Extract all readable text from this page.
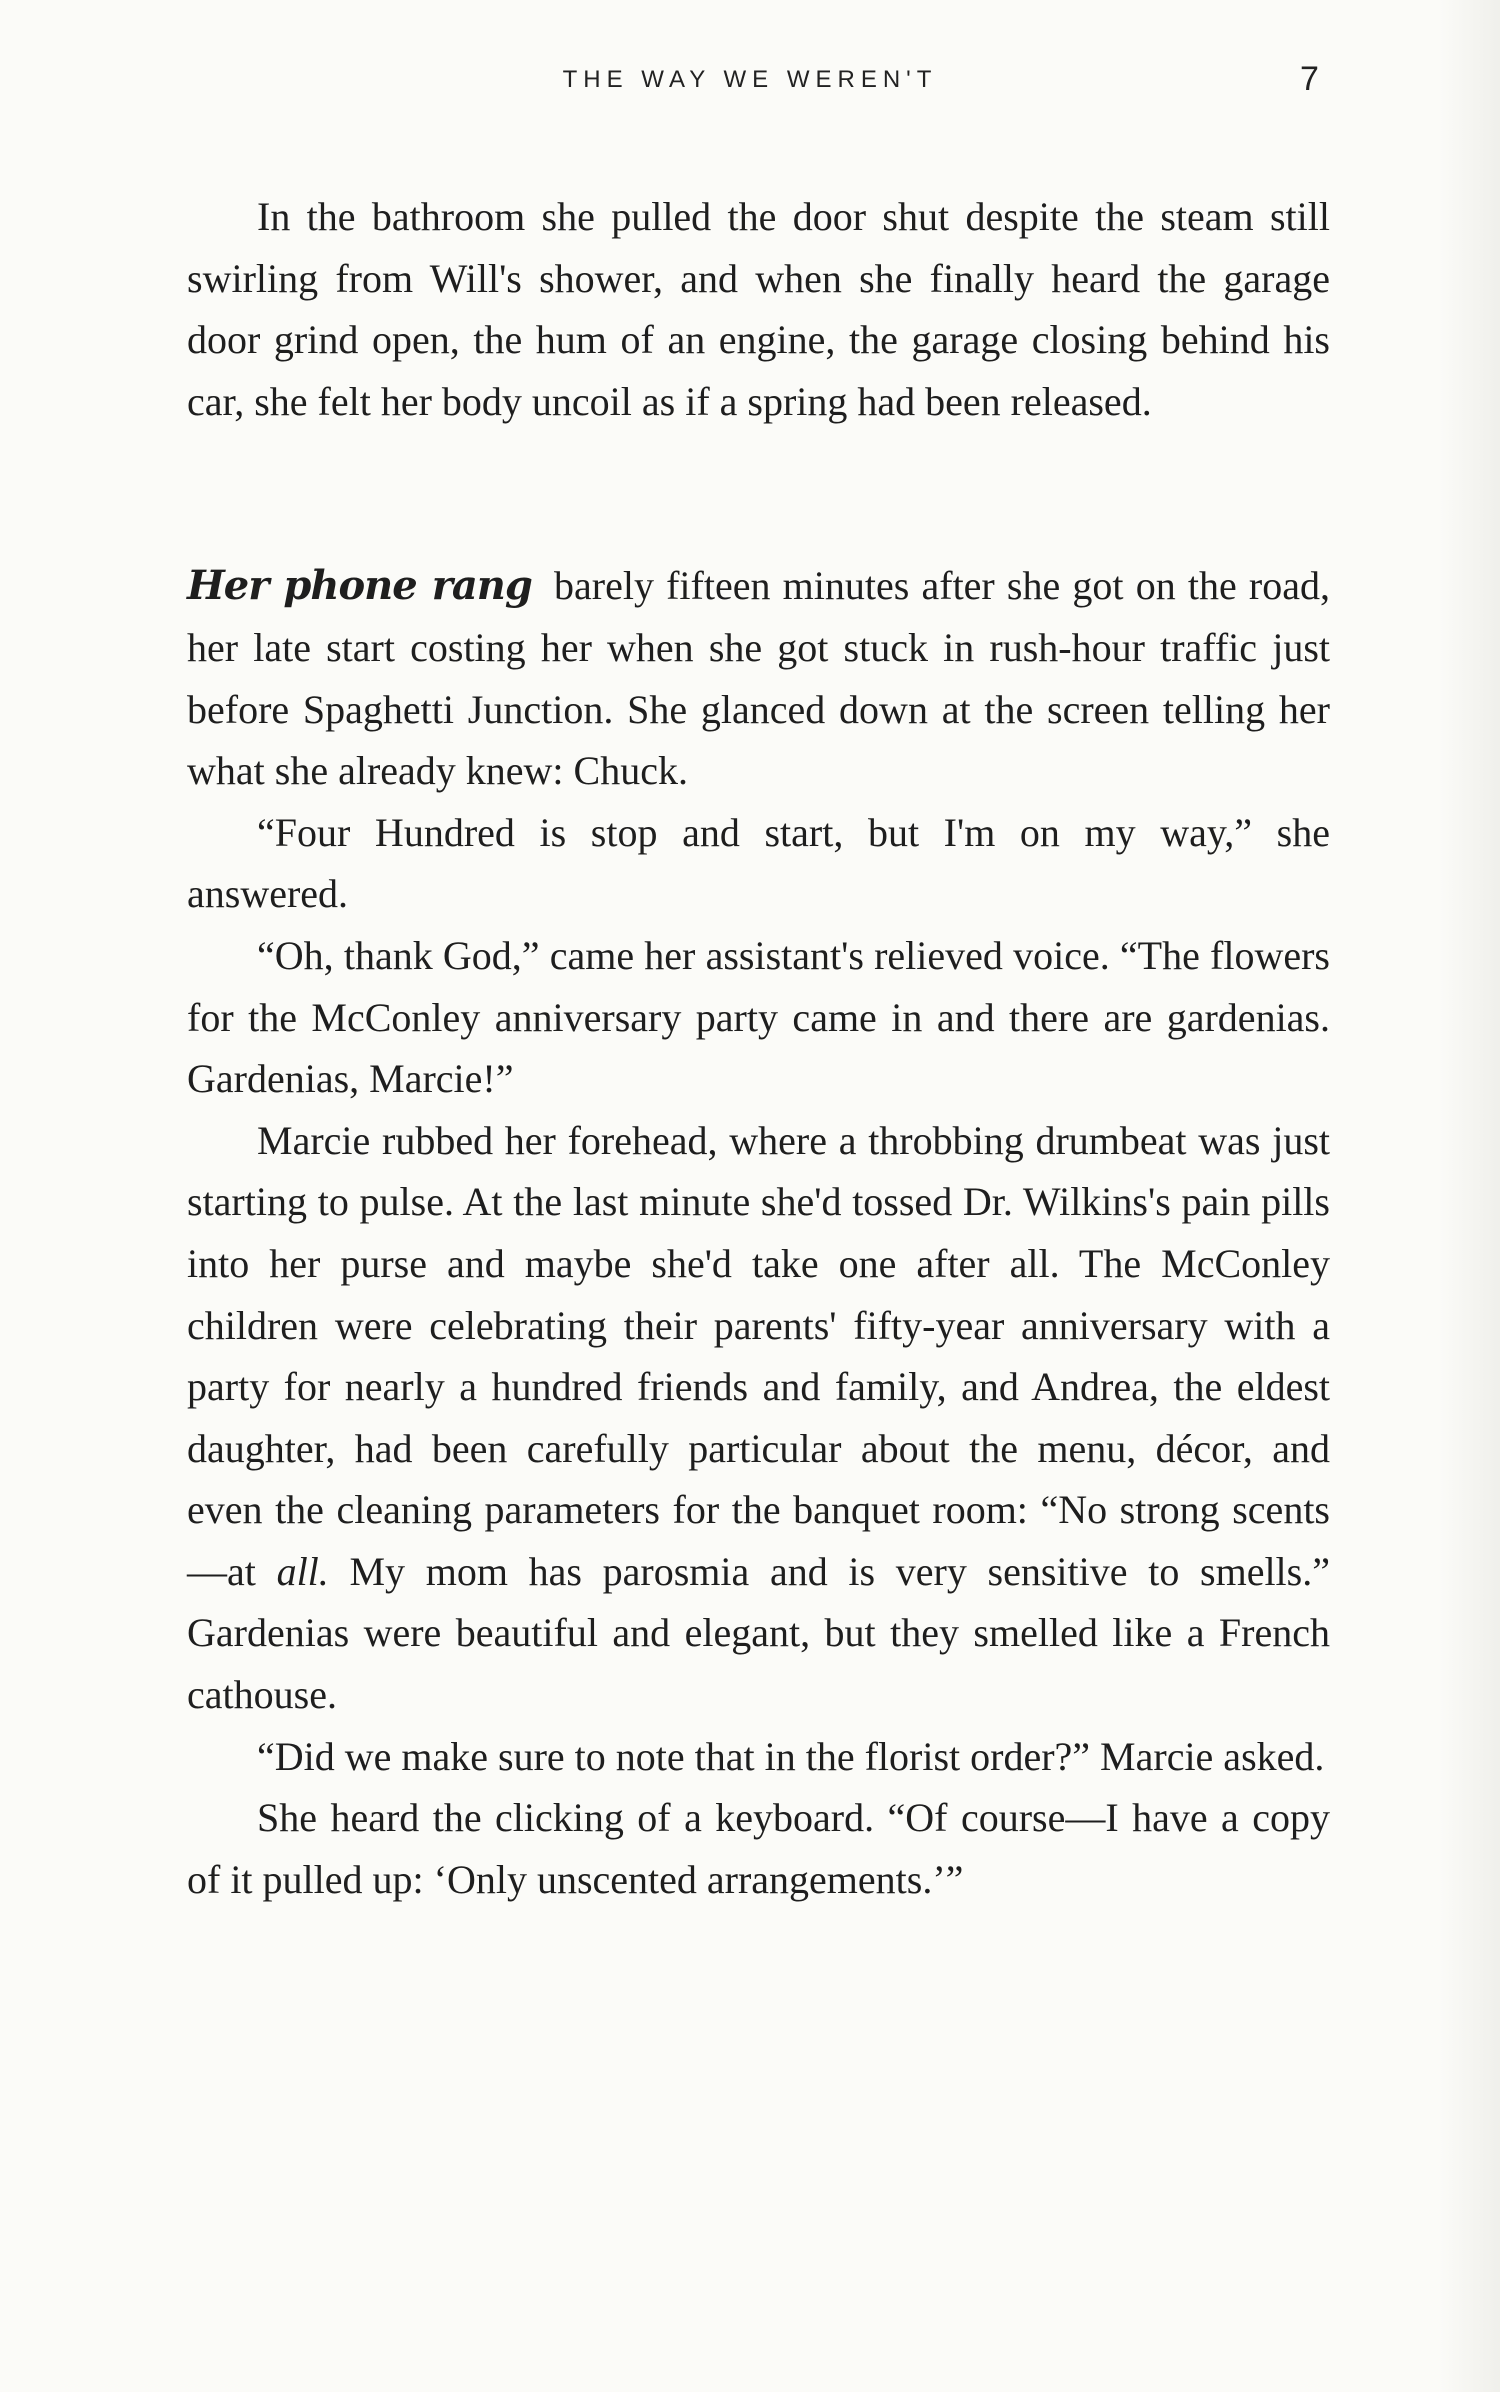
THE WAY WE WEREN'T	7

In the bathroom she pulled the door shut despite the steam still swirling from Will's shower, and when she finally heard the garage door grind open, the hum of an engine, the garage closing behind his car, she felt her body uncoil as if a spring had been released.

Her phone rang barely fifteen minutes after she got on the road, her late start costing her when she got stuck in rush-hour traffic just before Spaghetti Junction. She glanced down at the screen telling her what she already knew: Chuck.

“Four Hundred is stop and start, but I'm on my way,” she answered.

“Oh, thank God,” came her assistant's relieved voice. “The flowers for the McConley anniversary party came in and there are gardenias. Gardenias, Marcie!”

Marcie rubbed her forehead, where a throbbing drumbeat was just starting to pulse. At the last minute she'd tossed Dr. Wilkins's pain pills into her purse and maybe she'd take one after all. The McConley children were celebrating their parents' fifty-year anniversary with a party for nearly a hundred friends and family, and Andrea, the eldest daughter, had been carefully particular about the menu, décor, and even the cleaning parameters for the banquet room: “No strong scents—at all. My mom has parosmia and is very sensitive to smells.” Gardenias were beautiful and elegant, but they smelled like a French cathouse.

“Did we make sure to note that in the florist order?” Marcie asked.

She heard the clicking of a keyboard. “Of course—I have a copy of it pulled up: ‘Only unscented arrangements.’”
